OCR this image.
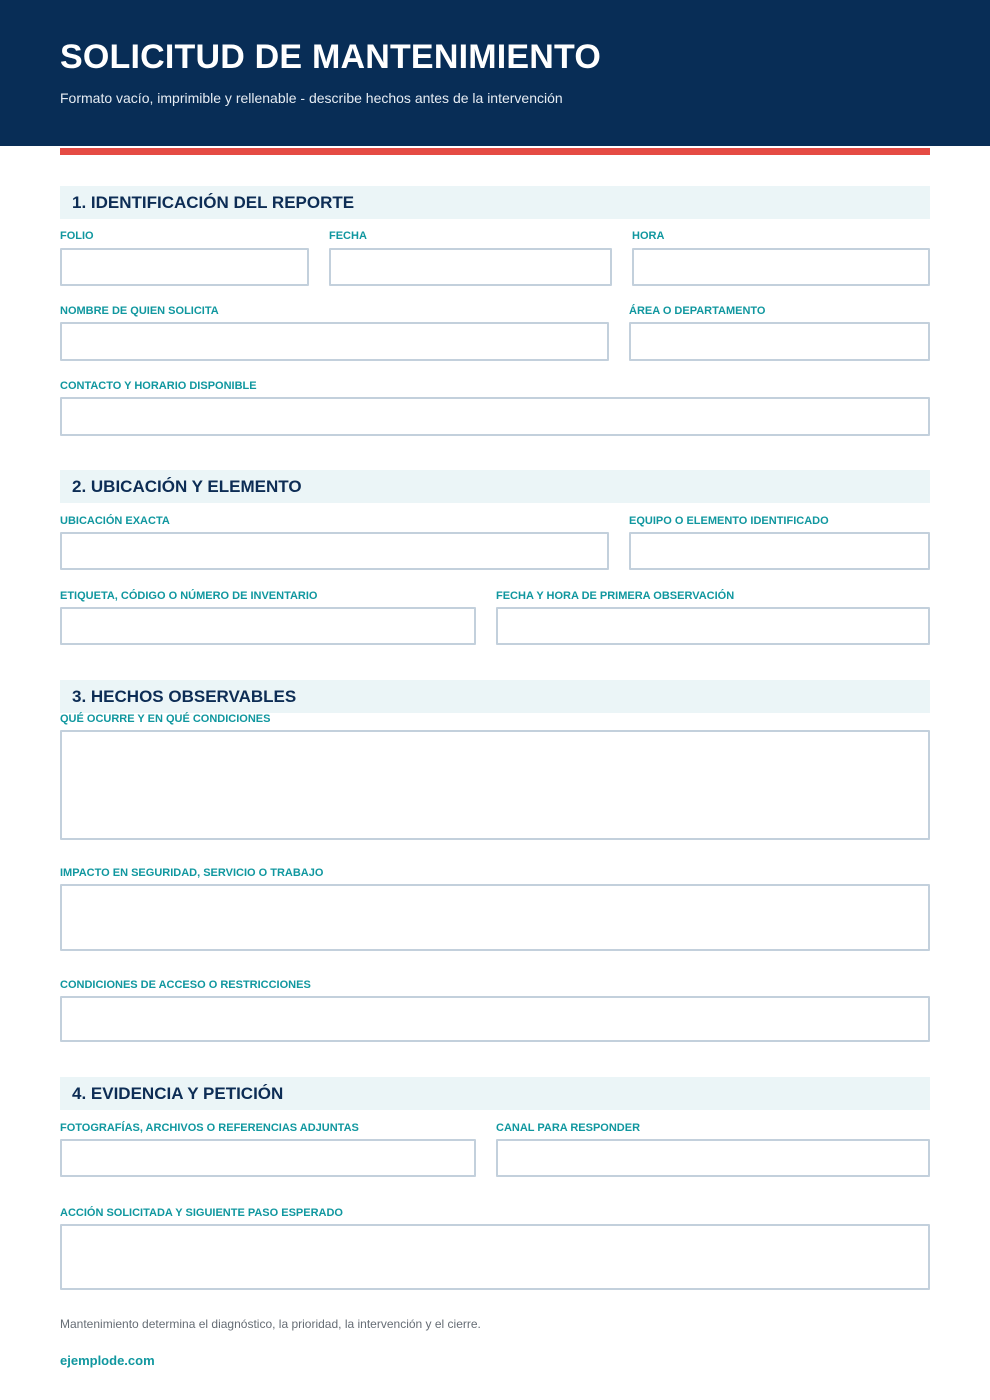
SOLICITUD DE MANTENIMIENTO

Formato vacío, imprimible y rellenable - describe hechos antes de la intervención

1. IDENTIFICACIÓN DEL REPORTE
FOLIO	FECHA	HORA
NOMBRE DE QUIEN SOLICITA	ÁREA O DEPARTAMENTO
CONTACTO Y HORARIO DISPONIBLE
2. UBICACIÓN Y ELEMENTO
UBICACIÓN EXACTA	EQUIPO O ELEMENTO IDENTIFICADO
ETIQUETA, CÓDIGO O NÚMERO DE INVENTARIO	FECHA Y HORA DE PRIMERA OBSERVACIÓN
3. HECHOS OBSERVABLES
QUÉ OCURRE Y EN QUÉ CONDICIONES
IMPACTO EN SEGURIDAD, SERVICIO O TRABAJO
CONDICIONES DE ACCESO O RESTRICCIONES
4. EVIDENCIA Y PETICIÓN
FOTOGRAFÍAS, ARCHIVOS O REFERENCIAS ADJUNTAS	CANAL PARA RESPONDER
ACCIÓN SOLICITADA Y SIGUIENTE PASO ESPERADO
Mantenimiento determina el diagnóstico, la prioridad, la intervención y el cierre.
ejemplode.com
